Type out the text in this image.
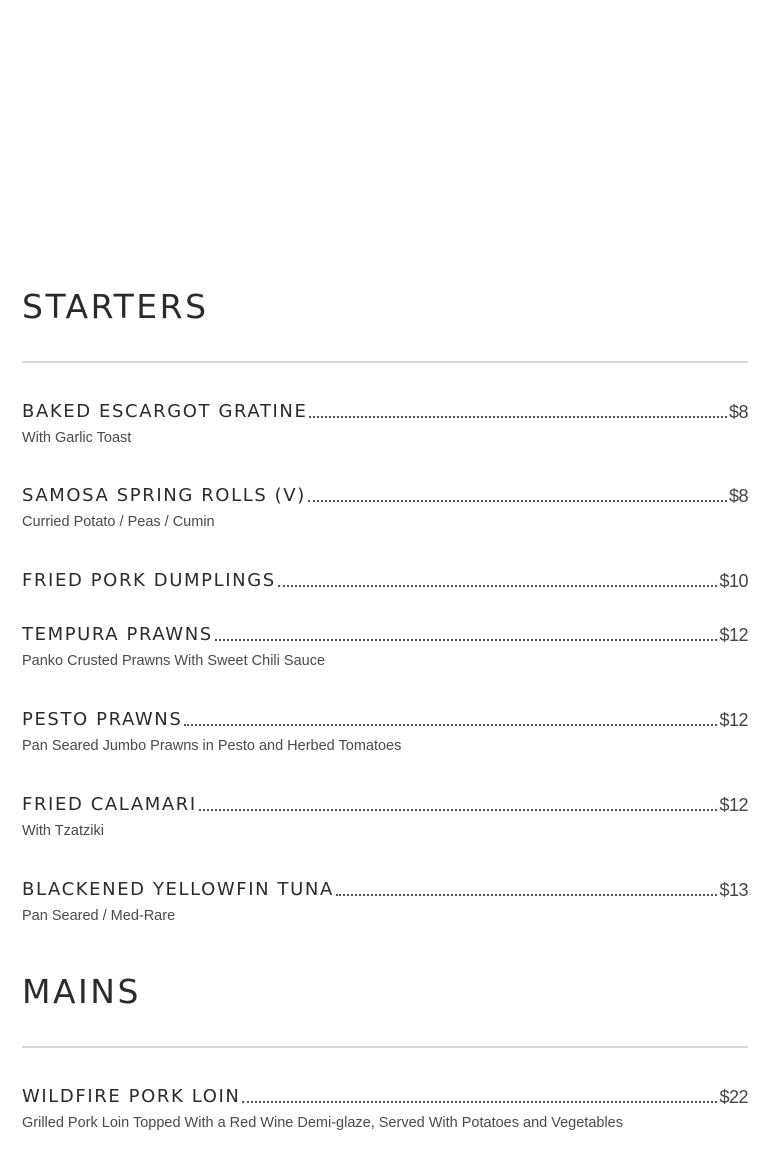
STARTERS
BAKED ESCARGOT GRATINE	$8
With Garlic Toast
SAMOSA SPRING ROLLS (V)	$8
Curried Potato / Peas / Cumin
FRIED PORK DUMPLINGS	$10
TEMPURA PRAWNS	$12
Panko Crusted Prawns With Sweet Chili Sauce
PESTO PRAWNS	$12
Pan Seared Jumbo Prawns in Pesto and Herbed Tomatoes
FRIED CALAMARI	$12
With Tzatziki
BLACKENED YELLOWFIN TUNA	$13
Pan Seared / Med-Rare
MAINS
WILDFIRE PORK LOIN	$22
Grilled Pork Loin Topped With a Red Wine Demi-glaze, Served With Potatoes and Vegetables
